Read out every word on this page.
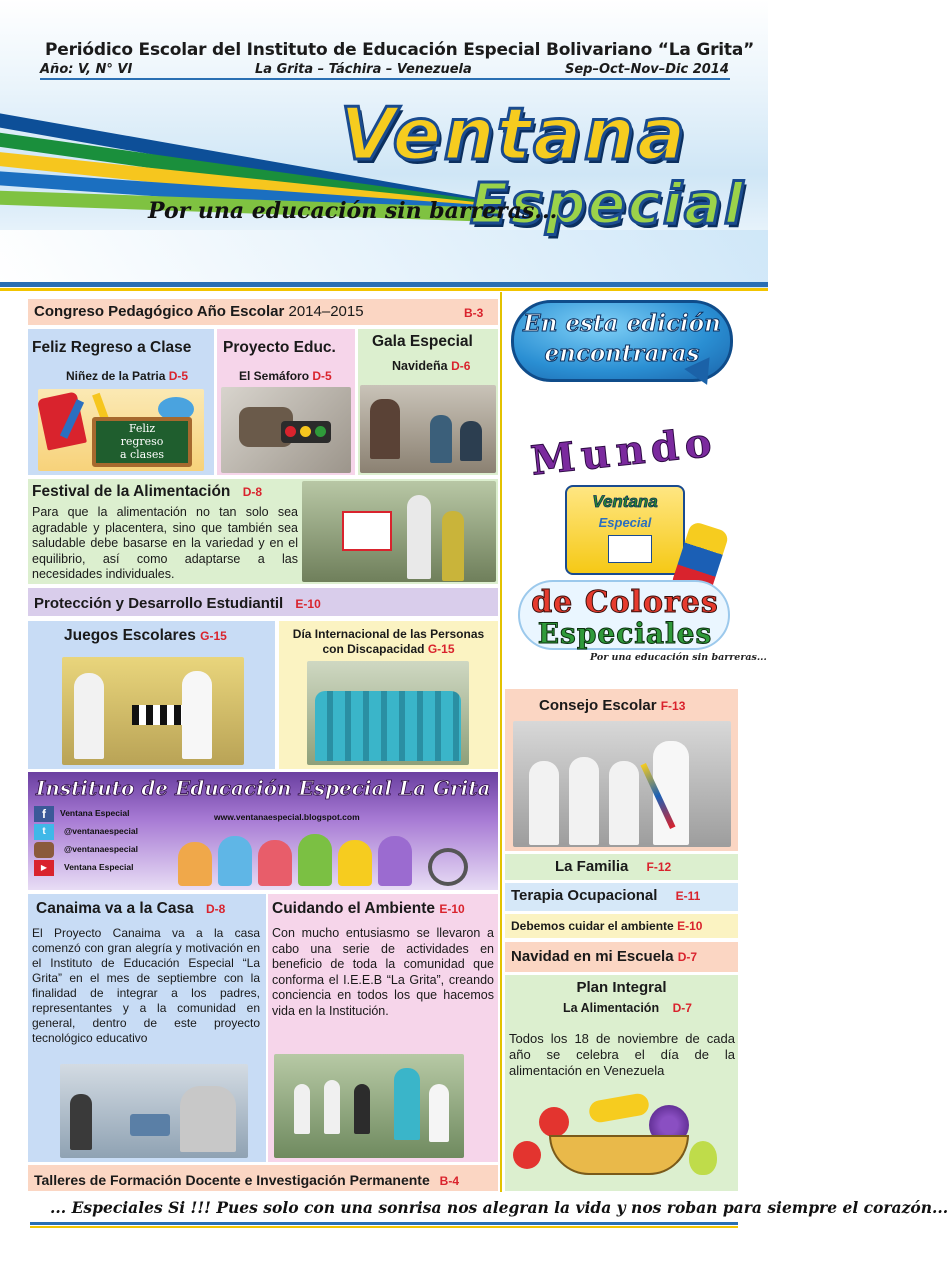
Periódico Escolar del Instituto de Educación Especial Bolivariano “La Grita”
Año: V, N° VI	La Grita – Táchira – Venezuela	Sep–Oct–Nov–Dic 2014
Ventana
Especial
Por una educación sin barreras...
Congreso Pedagógico Año Escolar 2014–2015	B-3
Feliz Regreso a Clase
Niñez de la Patria D-5
Feliz
regreso
a clases
Proyecto Educ.
El Semáforo D-5
Gala Especial
Navideña D-6
Festival de la Alimentación D-8
Para que la alimentación no tan solo sea agradable y placentera, sino que también sea saludable debe basarse en la variedad y en el equilibrio, así como adaptarse a las necesidades individuales.
Protección y Desarrollo Estudiantil E-10
Juegos Escolares G-15	Día Internacional de las Personas
con Discapacidad G-15
Instituto de Educación Especial La Grita
f	Ventana Especial
t	@ventanaespecial
@ventanaespecial
▶	Ventana Especial
www.ventanaespecial.blogspot.com
Canaima va a la Casa D-8
El Proyecto Canaima va a la casa comenzó con gran alegría y motivación en el Instituto de Educación Especial “La Grita” en el mes de septiembre con la finalidad de integrar a los padres, representantes y a la comunidad en general, dentro de este proyecto tecnológico educativo
Cuidando el Ambiente E-10
Con mucho entusiasmo se llevaron a cabo una serie de actividades en beneficio de toda la comunidad que conforma el I.E.E.B “La Grita”, creando conciencia en todos los que hacemos vida en la Institución.
Talleres de Formación Docente e Investigación Permanente B-4
En esta edición
encontraras
Mundo
Ventana
Especial
de Colores
Especiales
Por una educación sin barreras...
Consejo Escolar F-13
La Familia F-12
Terapia Ocupacional E-11
Debemos cuidar el ambiente E-10
Navidad en mi Escuela D-7
Plan Integral
La Alimentación D-7
Todos los 18 de noviembre de cada año se celebra el día de la alimentación en Venezuela
... Especiales Si !!! Pues solo con una sonrisa nos alegran la vida y nos roban para siempre el corazón...
